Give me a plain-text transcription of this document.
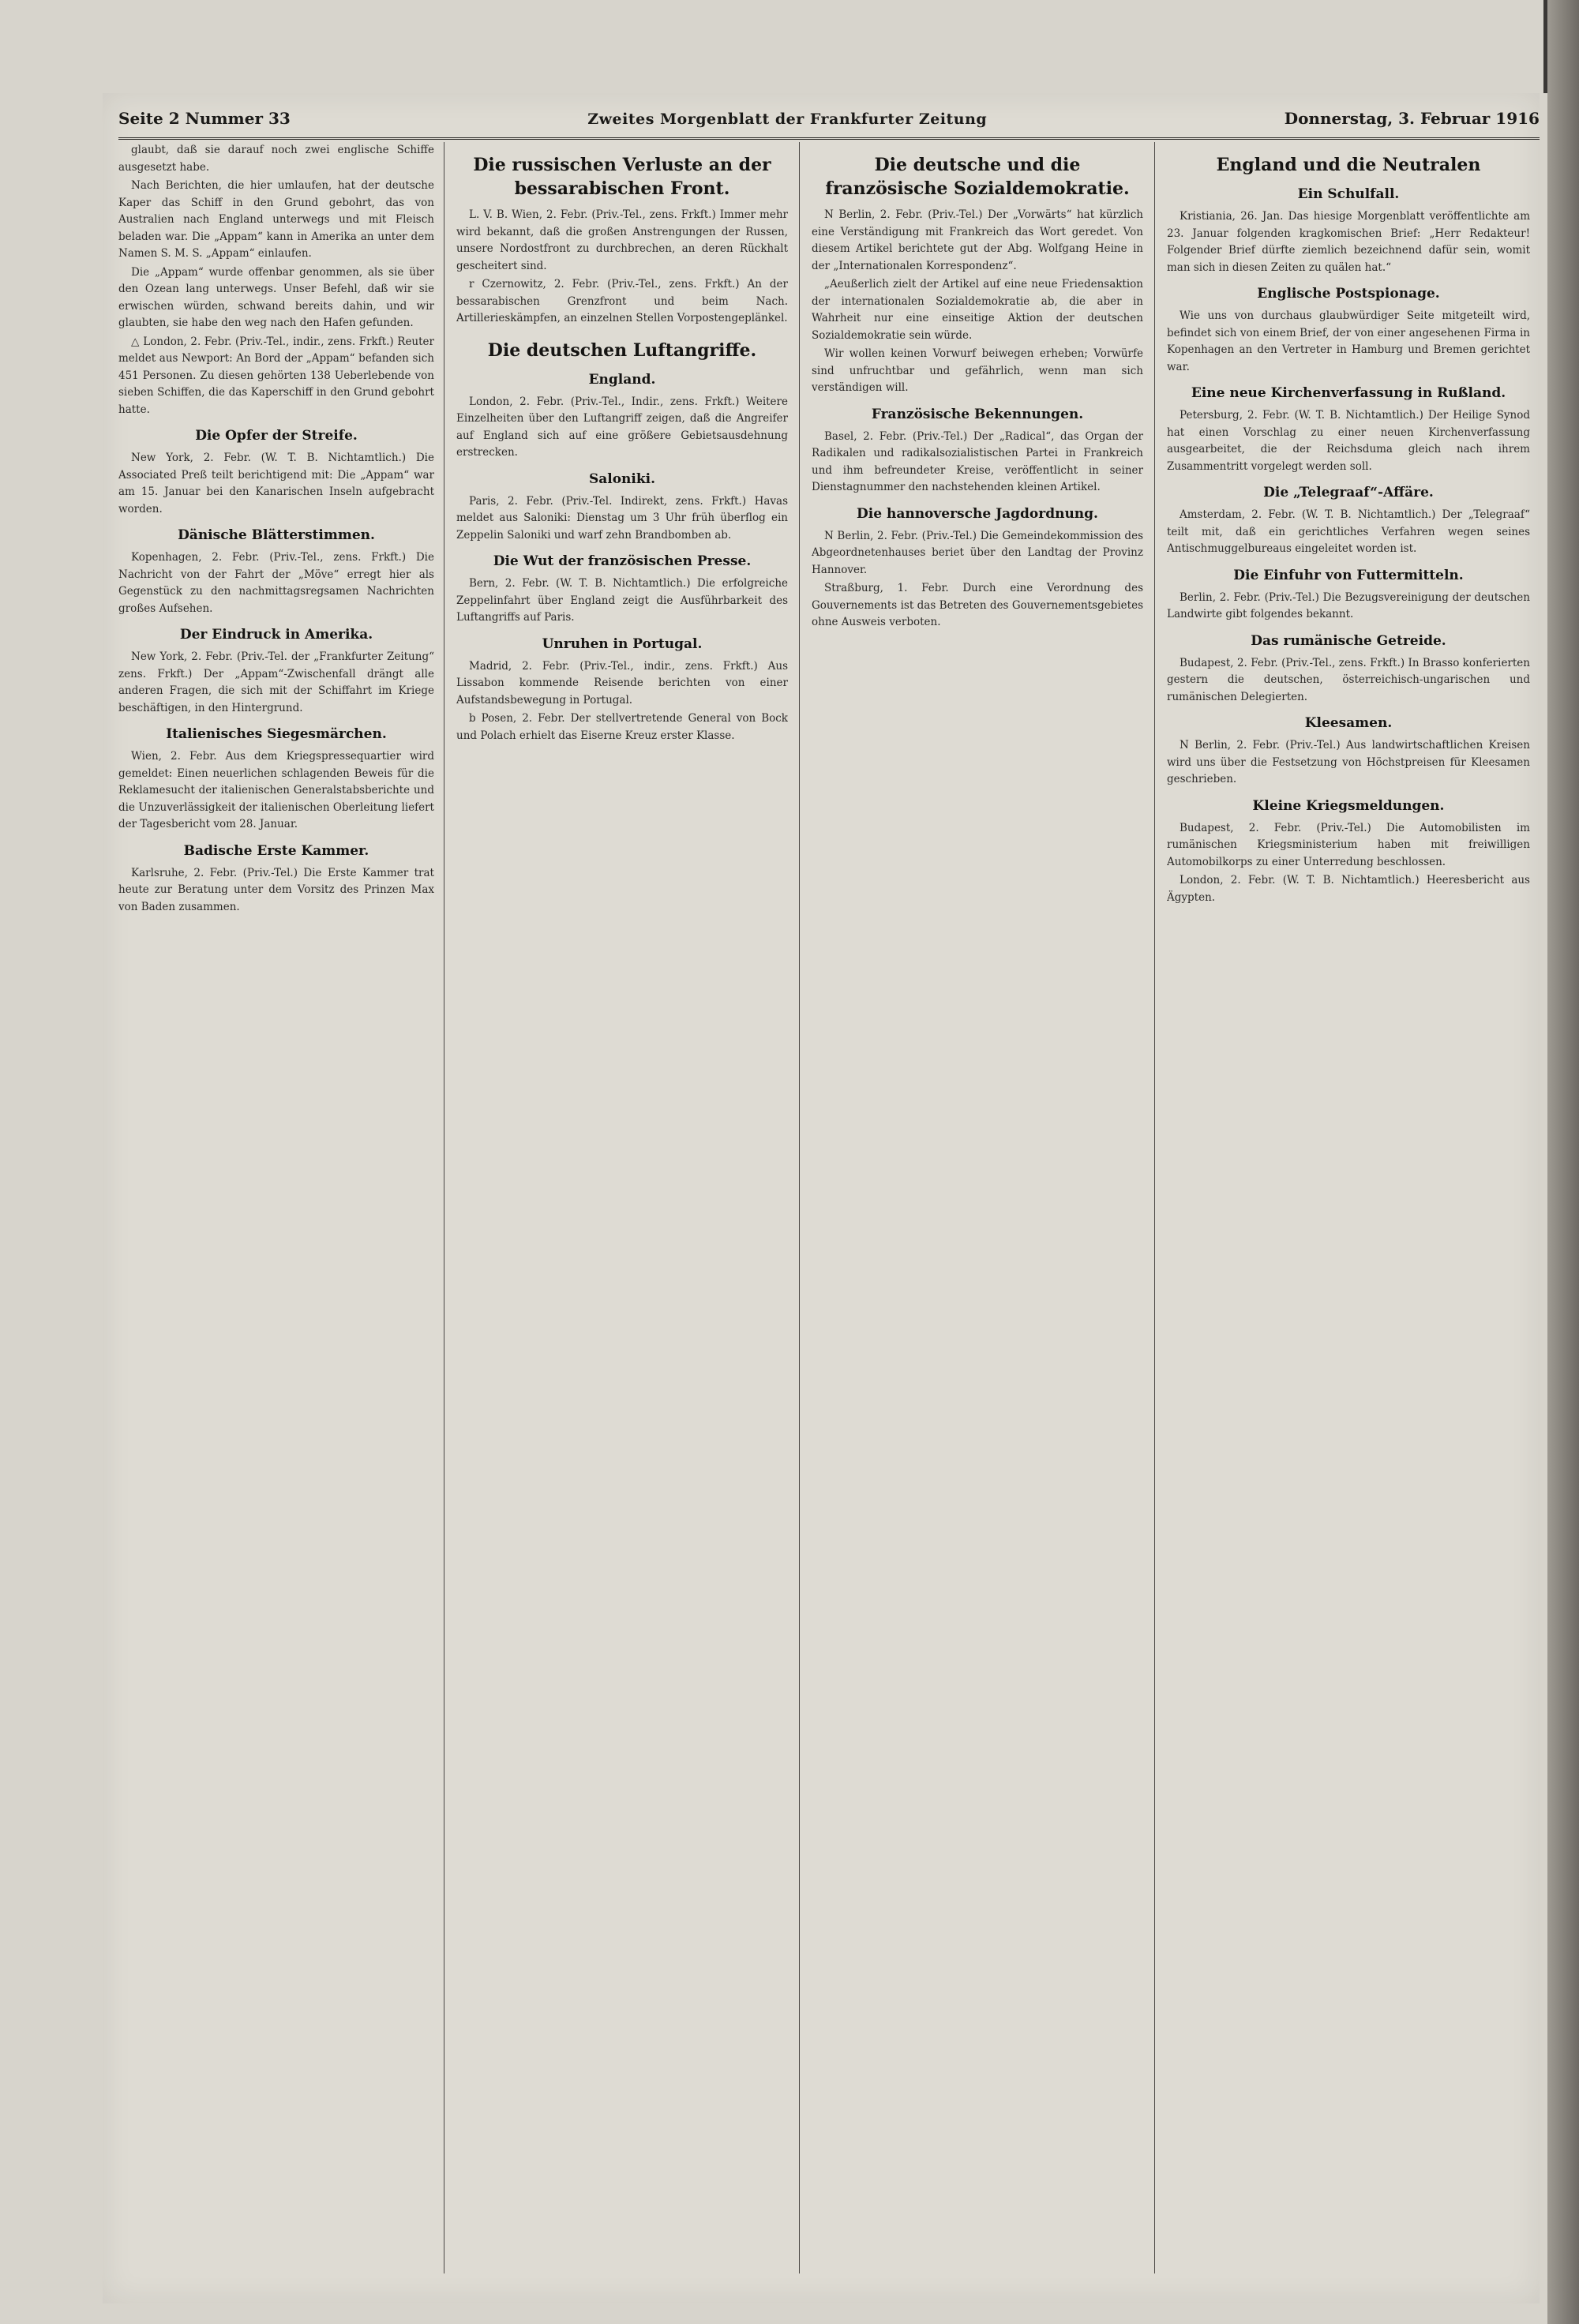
Seite 2 Nummer 33	Zweites Morgenblatt der Frankfurter Zeitung	Donnerstag, 3. Februar 1916

glaubt, daß sie darauf noch zwei englische Schiffe ausgesetzt habe.

Nach Berichten, die hier umlaufen, hat der deutsche Kaper das Schiff in den Grund gebohrt, das von Australien nach England unterwegs und mit Fleisch beladen war. Die „Appam“ kann in Amerika an unter dem Namen S. M. S. „Appam“ einlaufen.

Die „Appam“ wurde offenbar genommen, als sie über den Ozean lang unterwegs. Unser Befehl, daß wir sie erwischen würden, schwand bereits dahin, und wir glaubten, sie habe den weg nach den Hafen gefunden.

△ London, 2. Febr. (Priv.-Tel., indir., zens. Frkft.) Reuter meldet aus Newport: An Bord der „Appam“ befanden sich 451 Personen. Zu diesen gehörten 138 Ueberlebende von sieben Schiffen, die das Kaperschiff in den Grund gebohrt hatte.

Die Opfer der Streife.

New York, 2. Febr. (W. T. B. Nichtamtlich.) Die Associated Preß teilt berichtigend mit: Die „Appam“ war am 15. Januar bei den Kanarischen Inseln aufgebracht worden.

Dänische Blätterstimmen.

Kopenhagen, 2. Febr. (Priv.-Tel., zens. Frkft.) Die Nachricht von der Fahrt der „Möve“ erregt hier als Gegenstück zu den nachmittagsregsamen Nachrichten großes Aufsehen.

Der Eindruck in Amerika.

New York, 2. Febr. (Priv.-Tel. der „Frankfurter Zeitung“ zens. Frkft.) Der „Appam“-Zwischenfall drängt alle anderen Fragen, die sich mit der Schiffahrt im Kriege beschäftigen, in den Hintergrund.

Italienisches Siegesmärchen.

Wien, 2. Febr. Aus dem Kriegspressequartier wird gemeldet: Einen neuerlichen schlagenden Beweis für die Reklamesucht der italienischen Generalstabsberichte und die Unzuverlässigkeit der italienischen Oberleitung liefert der Tagesbericht vom 28. Januar.

Badische Erste Kammer.

Karlsruhe, 2. Febr. (Priv.-Tel.) Die Erste Kammer trat heute zur Beratung unter dem Vorsitz des Prinzen Max von Baden zusammen.

Die russischen Verluste an der bessarabischen Front.

L. V. B. Wien, 2. Febr. (Priv.-Tel., zens. Frkft.) Immer mehr wird bekannt, daß die großen Anstrengungen der Russen, unsere Nordostfront zu durchbrechen, an deren Rückhalt gescheitert sind.

r Czernowitz, 2. Febr. (Priv.-Tel., zens. Frkft.) An der bessarabischen Grenzfront und beim Nach. Artillerieskämpfen, an einzelnen Stellen Vorpostengeplänkel.

Die deutschen Luftangriffe.
England.

London, 2. Febr. (Priv.-Tel., Indir., zens. Frkft.) Weitere Einzelheiten über den Luftangriff zeigen, daß die Angreifer auf England sich auf eine größere Gebietsausdehnung erstrecken.

Saloniki.

Paris, 2. Febr. (Priv.-Tel. Indirekt, zens. Frkft.) Havas meldet aus Saloniki: Dienstag um 3 Uhr früh überflog ein Zeppelin Saloniki und warf zehn Brandbomben ab.

Die Wut der französischen Presse.

Bern, 2. Febr. (W. T. B. Nichtamtlich.) Die erfolgreiche Zeppelinfahrt über England zeigt die Ausführbarkeit des Luftangriffs auf Paris.

Unruhen in Portugal.

Madrid, 2. Febr. (Priv.-Tel., indir., zens. Frkft.) Aus Lissabon kommende Reisende berichten von einer Aufstandsbewegung in Portugal.

b Posen, 2. Febr. Der stellvertretende General von Bock und Polach erhielt das Eiserne Kreuz erster Klasse.

Die deutsche und die französische Sozialdemokratie.

N Berlin, 2. Febr. (Priv.-Tel.) Der „Vorwärts“ hat kürzlich eine Verständigung mit Frankreich das Wort geredet. Von diesem Artikel berichtete gut der Abg. Wolfgang Heine in der „Internationalen Korrespondenz“.

„Aeußerlich zielt der Artikel auf eine neue Friedensaktion der internationalen Sozialdemokratie ab, die aber in Wahrheit nur eine einseitige Aktion der deutschen Sozialdemokratie sein würde.

Wir wollen keinen Vorwurf beiwegen erheben; Vorwürfe sind unfruchtbar und gefährlich, wenn man sich verständigen will.

Französische Bekennungen.

Basel, 2. Febr. (Priv.-Tel.) Der „Radical“, das Organ der Radikalen und radikalsozialistischen Partei in Frankreich und ihm befreundeter Kreise, veröffentlicht in seiner Dienstagnummer den nachstehenden kleinen Artikel.

Die hannoversche Jagdordnung.

N Berlin, 2. Febr. (Priv.-Tel.) Die Gemeindekommission des Abgeordnetenhauses beriet über den Landtag der Provinz Hannover.

Straßburg, 1. Febr. Durch eine Verordnung des Gouvernements ist das Betreten des Gouvernementsgebietes ohne Ausweis verboten.

England und die Neutralen
Ein Schulfall.

Kristiania, 26. Jan. Das hiesige Morgenblatt veröffentlichte am 23. Januar folgenden kragkomischen Brief: „Herr Redakteur! Folgender Brief dürfte ziemlich bezeichnend dafür sein, womit man sich in diesen Zeiten zu quälen hat.“

Englische Postspionage.

Wie uns von durchaus glaubwürdiger Seite mitgeteilt wird, befindet sich von einem Brief, der von einer angesehenen Firma in Kopenhagen an den Vertreter in Hamburg und Bremen gerichtet war.

Eine neue Kirchenverfassung in Rußland.

Petersburg, 2. Febr. (W. T. B. Nichtamtlich.) Der Heilige Synod hat einen Vorschlag zu einer neuen Kirchenverfassung ausgearbeitet, die der Reichsduma gleich nach ihrem Zusammentritt vorgelegt werden soll.

Die „Telegraaf“-Affäre.

Amsterdam, 2. Febr. (W. T. B. Nichtamtlich.) Der „Telegraaf“ teilt mit, daß ein gerichtliches Verfahren wegen seines Antischmuggelbureaus eingeleitet worden ist.

Die Einfuhr von Futtermitteln.

Berlin, 2. Febr. (Priv.-Tel.) Die Bezugsvereinigung der deutschen Landwirte gibt folgendes bekannt.

Das rumänische Getreide.

Budapest, 2. Febr. (Priv.-Tel., zens. Frkft.) In Brasso konferierten gestern die deutschen, österreichisch-ungarischen und rumänischen Delegierten.

Kleesamen.

N Berlin, 2. Febr. (Priv.-Tel.) Aus landwirtschaftlichen Kreisen wird uns über die Festsetzung von Höchstpreisen für Kleesamen geschrieben.

Kleine Kriegsmeldungen.

Budapest, 2. Febr. (Priv.-Tel.) Die Automobilisten im rumänischen Kriegsministerium haben mit freiwilligen Automobilkorps zu einer Unterredung beschlossen.

London, 2. Febr. (W. T. B. Nichtamtlich.) Heeresbericht aus Ägypten.
